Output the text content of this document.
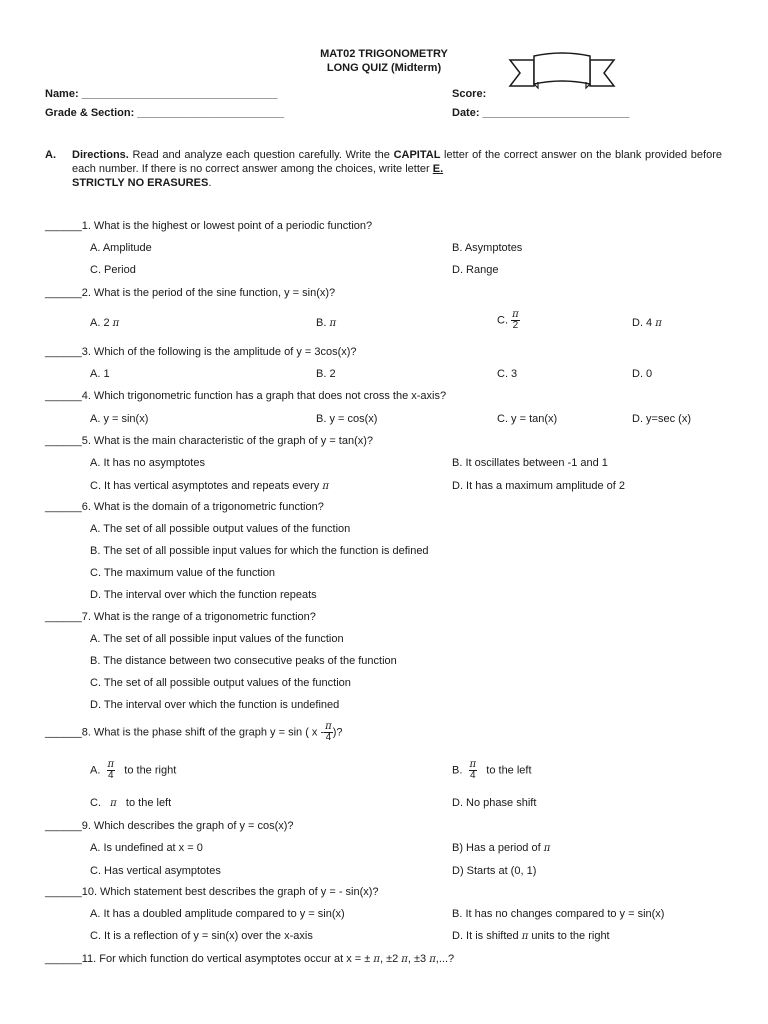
MAT02 TRIGONOMETRY
LONG QUIZ (Midterm)
Name: ________________________________	Score:
Grade & Section: ________________________	Date: ________________________
A. Directions. Read and analyze each question carefully. Write the CAPITAL letter of the correct answer on the blank provided before each number. If there is no correct answer among the choices, write letter E.
STRICTLY NO ERASURES.
______1. What is the highest or lowest point of a periodic function?
A. Amplitude	B. Asymptotes
C. Period	D. Range
______2. What is the period of the sine function, y = sin(x)?
A. 2 π	B. π	C. $\frac{\pi}{2}$	D. 4 π
______3. Which of the following is the amplitude of y = 3cos(x)?
A. 1	B. 2	C. 3	D. 0
______4. Which trigonometric function has a graph that does not cross the x-axis?
A. y = sin(x)	B. y = cos(x)	C. y = tan(x)	D. y=sec (x)
______5. What is the main characteristic of the graph of y = tan(x)?
A. It has no asymptotes	B. It oscillates between -1 and 1
C. It has vertical asymptotes and repeats every π	D. It has a maximum amplitude of 2
______6. What is the domain of a trigonometric function?
A. The set of all possible output values of the function
B. The set of all possible input values for which the function is defined
C. The maximum value of the function
D. The interval over which the function repeats
______7. What is the range of a trigonometric function?
A. The set of all possible input values of the function
B. The distance between two consecutive peaks of the function
C. The set of all possible output values of the function
D. The interval over which the function is undefined
______8. What is the phase shift of the graph y = sin ( x - $\frac{\pi}{4}$ )?
A. $\frac{\pi}{4}$ to the right	B. $\frac{\pi}{4}$ to the left
C. π to the left	D. No phase shift
______9. Which describes the graph of y = cos(x)?
A. Is undefined at x = 0	B) Has a period of π
C. Has vertical asymptotes	D) Starts at (0, 1)
______10. Which statement best describes the graph of y = - sin(x)?
A. It has a doubled amplitude compared to y = sin(x)	B. It has no changes compared to y = sin(x)
C. It is a reflection of y = sin(x) over the x-axis	D. It is shifted π units to the right
______11. For which function do vertical asymptotes occur at x = ± π, ±2 π, ±3 π,...?
